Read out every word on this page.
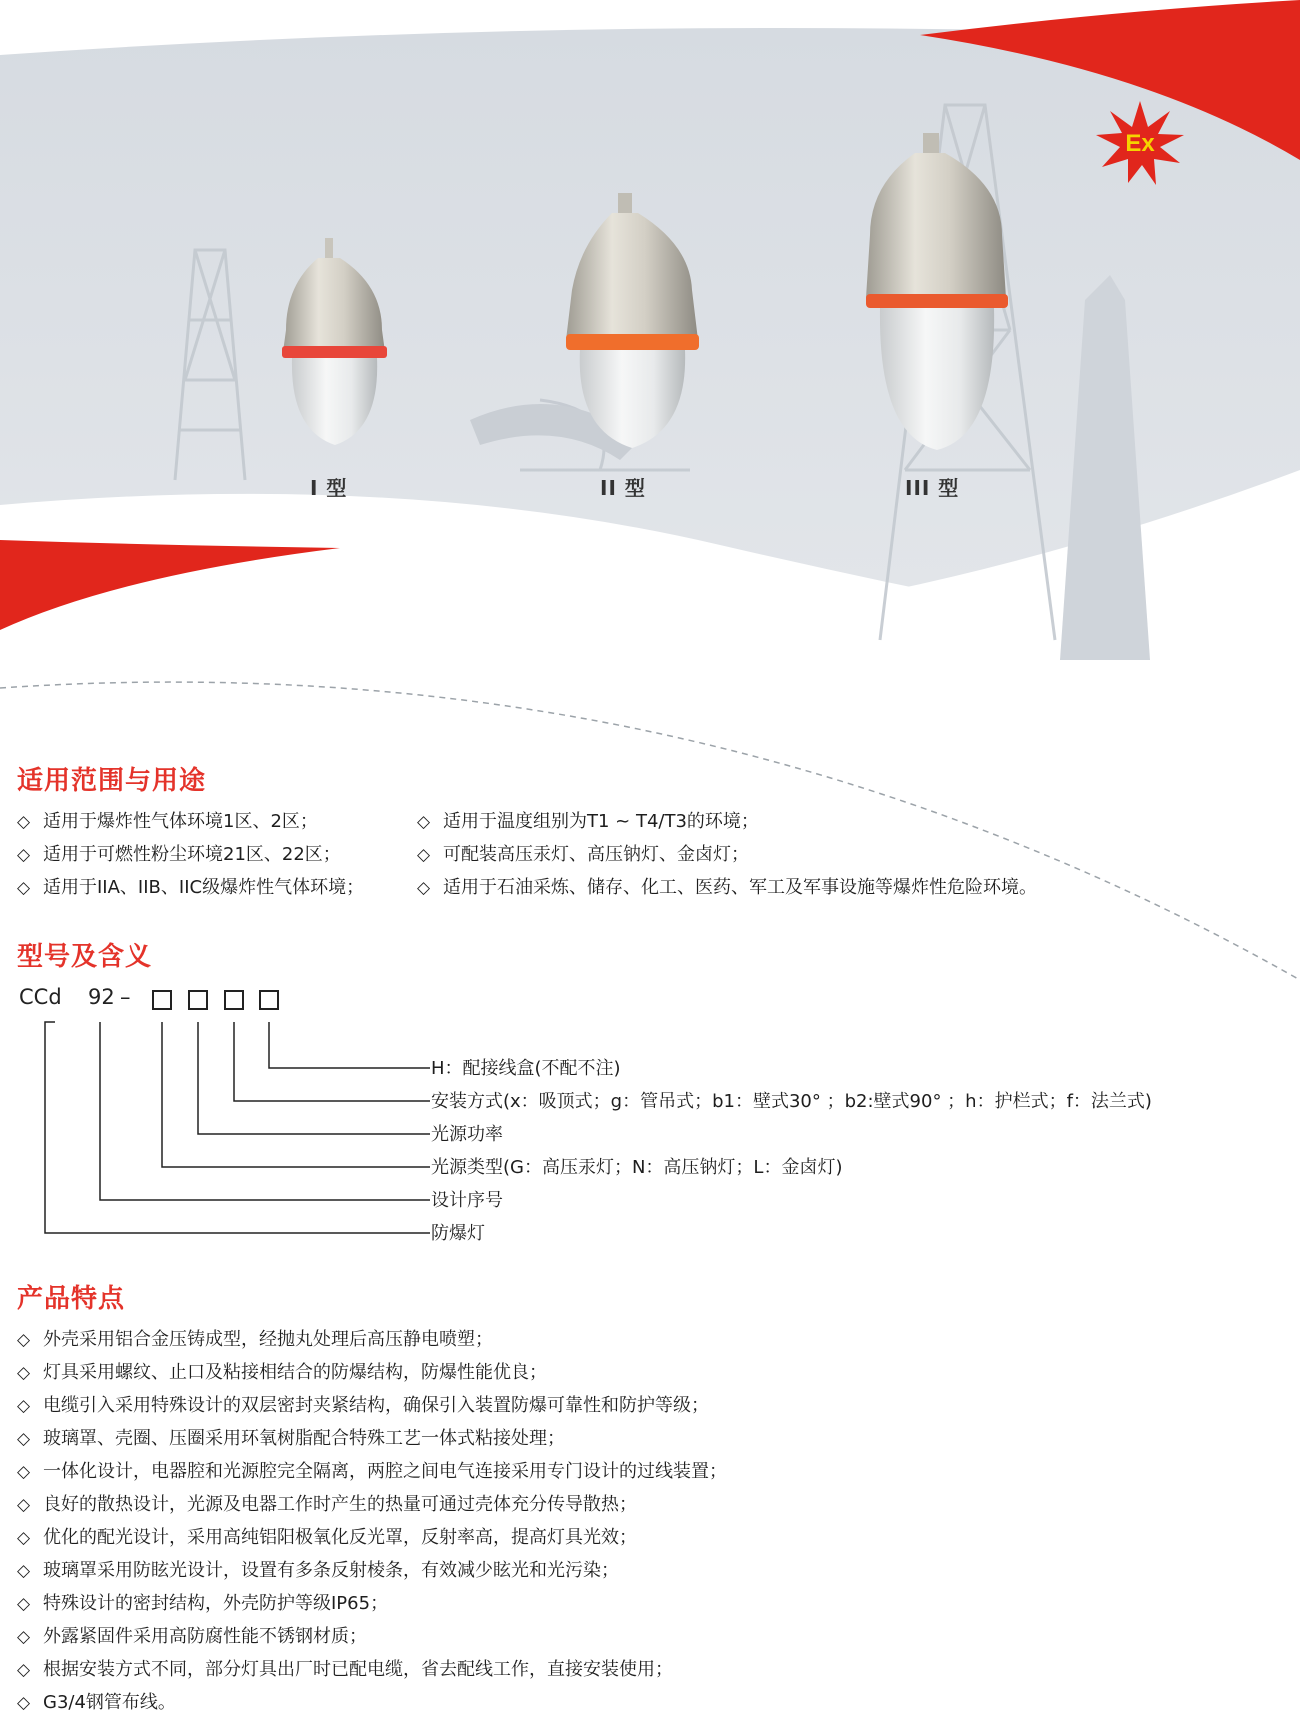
Ex
I 型	II 型	III 型
适用范围与用途
◇ 适用于爆炸性气体环境1区、2区；
◇ 适用于可燃性粉尘环境21区、22区；
◇ 适用于IIA、IIB、IIC级爆炸性气体环境；
◇ 适用于温度组别为T1 ~ T4/T3的环境；
◇ 可配装高压汞灯、高压钠灯、金卤灯；
◇ 适用于石油采炼、储存、化工、医药、军工及军事设施等爆炸性危险环境。
型号及含义
CCd 92 –
H：配接线盒(不配不注)
安装方式(x：吸顶式；g：管吊式；b1：壁式30° ；b2:壁式90° ；h：护栏式；f：法兰式)
光源功率
光源类型(G：高压汞灯；N：高压钠灯；L：金卤灯)
设计序号
防爆灯
产品特点
◇ 外壳采用铝合金压铸成型，经抛丸处理后高压静电喷塑；
◇ 灯具采用螺纹、止口及粘接相结合的防爆结构，防爆性能优良；
◇ 电缆引入采用特殊设计的双层密封夹紧结构，确保引入装置防爆可靠性和防护等级；
◇ 玻璃罩、壳圈、压圈采用环氧树脂配合特殊工艺一体式粘接处理；
◇ 一体化设计，电器腔和光源腔完全隔离，两腔之间电气连接采用专门设计的过线装置；
◇ 良好的散热设计，光源及电器工作时产生的热量可通过壳体充分传导散热；
◇ 优化的配光设计，采用高纯铝阳极氧化反光罩，反射率高，提高灯具光效；
◇ 玻璃罩采用防眩光设计，设置有多条反射棱条，有效减少眩光和光污染；
◇ 特殊设计的密封结构，外壳防护等级IP65；
◇ 外露紧固件采用高防腐性能不锈钢材质；
◇ 根据安装方式不同，部分灯具出厂时已配电缆，省去配线工作，直接安装使用；
◇ G3/4钢管布线。
